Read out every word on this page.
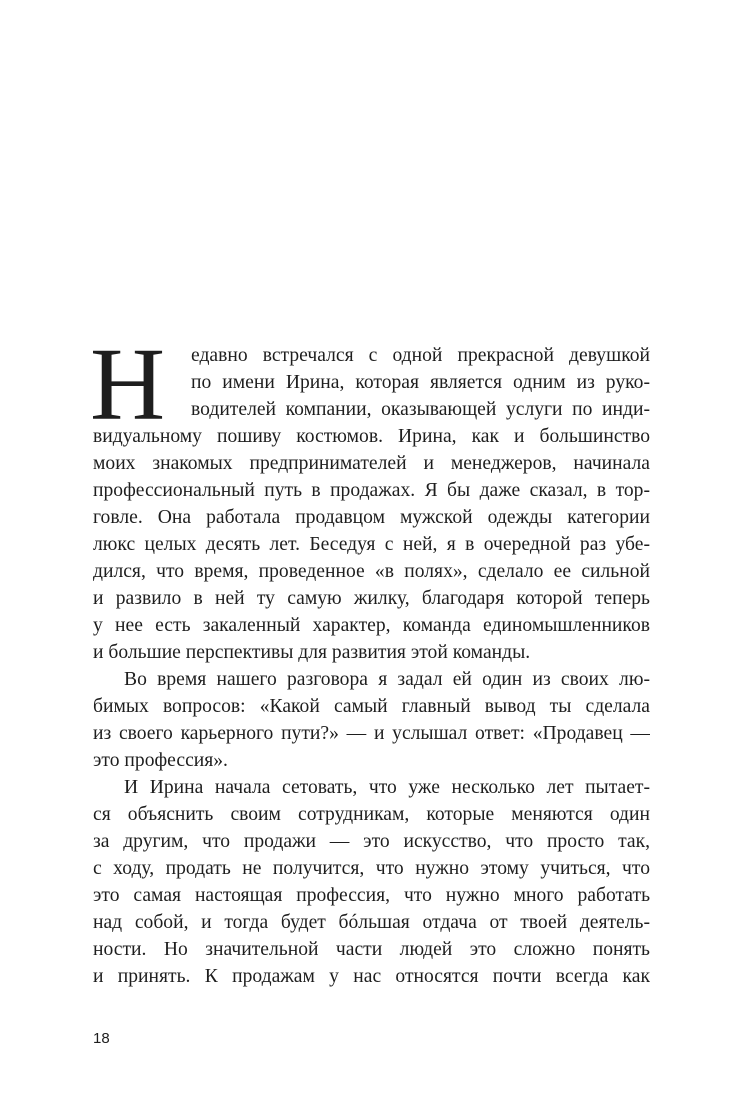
Н едавно встречался с одной прекрасной девушкой
по имени Ирина, которая является одним из руко-
водителей компании, оказывающей услуги по инди-
видуальному пошиву костюмов. Ирина, как и большинство
моих знакомых предпринимателей и менеджеров, начинала
профессиональный путь в продажах. Я бы даже сказал, в тор-
говле. Она работала продавцом мужской одежды категории
люкс целых десять лет. Беседуя с ней, я в очередной раз убе-
дился, что время, проведенное «в полях», сделало ее сильной
и развило в ней ту самую жилку, благодаря которой теперь
у нее есть закаленный характер, команда единомышленников
и большие перспективы для развития этой команды.
Во время нашего разговора я задал ей один из своих лю-
бимых вопросов: «Какой самый главный вывод ты сделала
из своего карьерного пути?» — и услышал ответ: «Продавец —
это профессия».
И Ирина начала сетовать, что уже несколько лет пытает-
ся объяснить своим сотрудникам, которые меняются один
за другим, что продажи — это искусство, что просто так,
с ходу, продать не получится, что нужно этому учиться, что
это самая настоящая профессия, что нужно много работать
над собой, и тогда будет бóльшая отдача от твоей деятель-
ности. Но значительной части людей это сложно понять
и принять. К продажам у нас относятся почти всегда как
18
